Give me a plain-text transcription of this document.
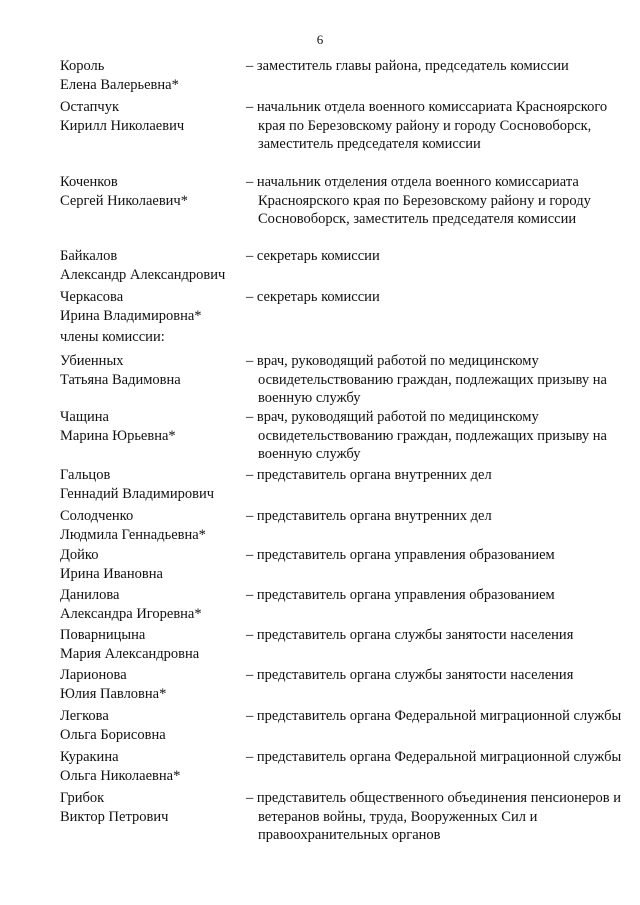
6
Король
Елена Валерьевна*
– заместитель главы района, председатель комиссии
Остапчук
Кирилл Николаевич
– начальник отдела военного комиссариата Красноярского края по Березовскому району и городу Сосновоборск, заместитель председателя комиссии
Коченков
Сергей Николаевич*
– начальник отделения отдела военного комиссариата Красноярского края по Березовскому району и городу Сосновоборск, заместитель председателя комиссии
Байкалов
Александр Александрович
– секретарь комиссии
Черкасова
Ирина Владимировна*
– секретарь комиссии
члены комиссии:
Убиенных
Татьяна Вадимовна
– врач, руководящий работой по медицинскому освидетельствованию граждан, подлежащих призыву на военную службу
Чащина
Марина Юрьевна*
– врач, руководящий работой по медицинскому освидетельствованию граждан, подлежащих призыву на военную службу
Гальцов
Геннадий Владимирович
– представитель органа внутренних дел
Солодченко
Людмила Геннадьевна*
– представитель органа внутренних дел
Дойко
Ирина Ивановна
– представитель органа управления образованием
Данилова
Александра Игоревна*
– представитель органа управления образованием
Поварницына
Мария Александровна
– представитель органа службы занятости населения
Ларионова
Юлия Павловна*
– представитель органа службы занятости населения
Легкова
Ольга Борисовна
– представитель органа Федеральной миграционной службы
Куракина
Ольга Николаевна*
– представитель органа Федеральной миграционной службы
Грибок
Виктор Петрович
– представитель общественного объединения пенсионеров и ветеранов войны, труда, Вооруженных Сил и правоохранительных органов
